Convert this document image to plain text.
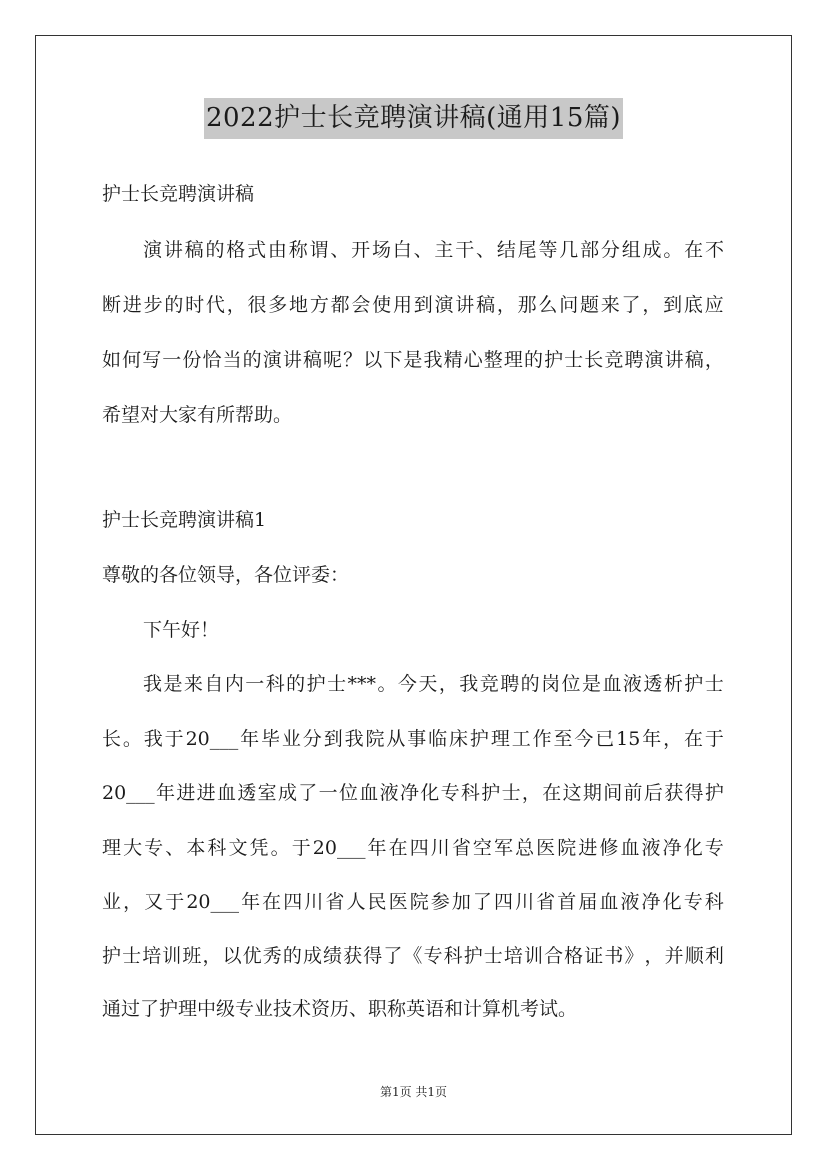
2022护士长竞聘演讲稿(通用15篇)
护士长竞聘演讲稿
演 讲 稿 的 格 式 由 称 谓 、 开 场 白 、 主 干 、 结 尾 等 几 部 分 组 成 。 在 不
断 进 步 的 时 代 ， 很 多 地 方 都 会 使 用 到 演 讲 稿 ， 那 么 问 题 来 了 ， 到 底 应
如 何 写 一 份 恰 当 的 演 讲 稿 呢 ？ 以 下 是 我 精 心 整 理 的 护 士 长 竞 聘 演 讲 稿 ，
希望对大家有所帮助。
护士长竞聘演讲稿1
尊敬的各位领导，各位评委：
下午好！
我 是 来 自 内 一 科 的 护 士 *** 。 今 天 ， 我 竞 聘 的 岗 位 是 血 液 透 析 护 士
长 。 我 于 20___ 年 毕 业 分 到 我 院 从 事 临 床 护 理 工 作 至 今 已 15 年 ， 在 于
20___ 年 进 进 血 透 室 成 了 一 位 血 液 净 化 专 科 护 士 ， 在 这 期 间 前 后 获 得 护
理 大 专 、 本 科 文 凭 。 于 20___ 年 在 四 川 省 空 军 总 医 院 进 修 血 液 净 化 专
业 ， 又 于 20___ 年 在 四 川 省 人 民 医 院 参 加 了 四 川 省 首 届 血 液 净 化 专 科
护 士 培 训 班 ， 以 优 秀 的 成 绩 获 得 了 《 专 科 护 士 培 训 合 格 证 书 》 ， 并 顺 利
通过了护理中级专业技术资历、职称英语和计算机考试。
第1页 共1页
